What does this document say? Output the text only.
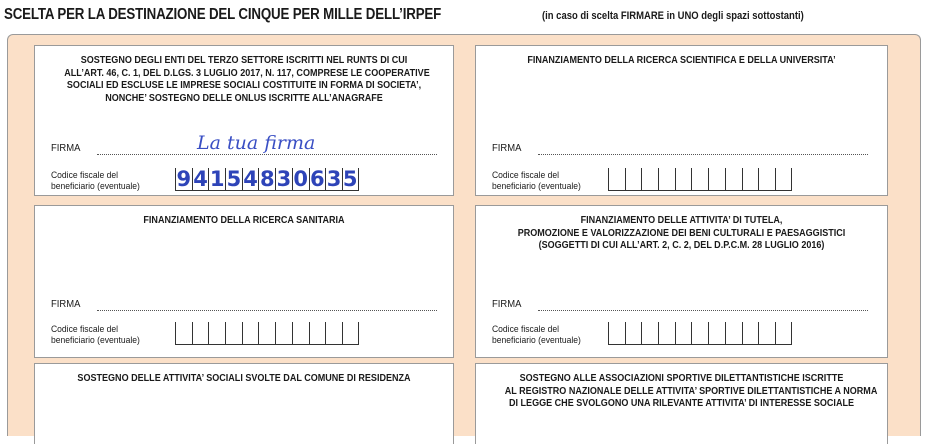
SCELTA PER LA DESTINAZIONE DEL CINQUE PER MILLE DELL’IRPEF	(in caso di scelta FIRMARE in UNO degli spazi sottostanti)
SOSTEGNO DEGLI ENTI DEL TERZO SETTORE ISCRITTI NEL RUNTS DI CUI
ALL’ART. 46, C. 1, DEL D.LGS. 3 LUGLIO 2017, N. 117, COMPRESE LE COOPERATIVE
SOCIALI ED ESCLUSE LE IMPRESE SOCIALI COSTITUITE IN FORMA DI SOCIETA’,
NONCHE’ SOSTEGNO DELLE ONLUS ISCRITTE ALL’ANAGRAFE
FIRMA	La tua firma
Codice fiscale del
beneficiario (eventuale) 9 4 1 5 4 8 3 0 6 3 5
FINANZIAMENTO DELLA RICERCA SCIENTIFICA E DELLA UNIVERSITA’
FIRMA
Codice fiscale del
beneficiario (eventuale)
FINANZIAMENTO DELLA RICERCA SANITARIA
FIRMA
Codice fiscale del
beneficiario (eventuale)
FINANZIAMENTO DELLE ATTIVITA’ DI TUTELA,
PROMOZIONE E VALORIZZAZIONE DEI BENI CULTURALI E PAESAGGISTICI
(SOGGETTI DI CUI ALL’ART. 2, C. 2, DEL D.P.C.M. 28 LUGLIO 2016)
FIRMA
Codice fiscale del
beneficiario (eventuale)
SOSTEGNO DELLE ATTIVITA’ SOCIALI SVOLTE DAL COMUNE DI RESIDENZA	SOSTEGNO ALLE ASSOCIAZIONI SPORTIVE DILETTANTISTICHE ISCRITTE
AL REGISTRO NAZIONALE DELLE ATTIVITA’ SPORTIVE DILETTANTISTICHE A NORMA
DI LEGGE CHE SVOLGONO UNA RILEVANTE ATTIVITA’ DI INTERESSE SOCIALE
